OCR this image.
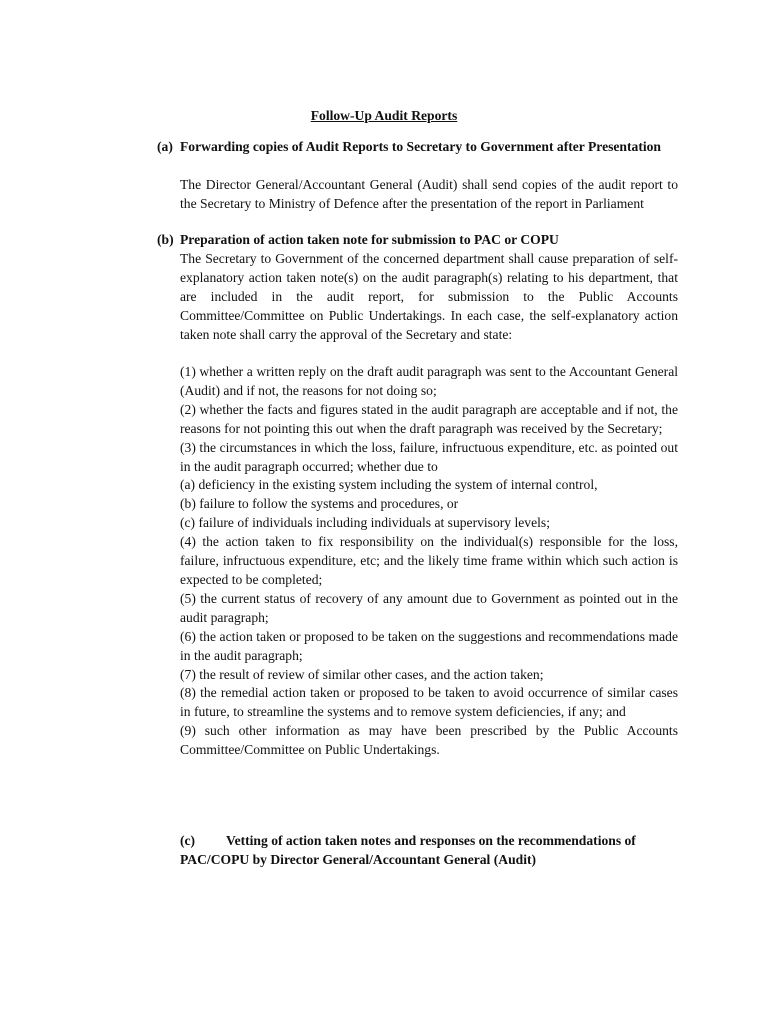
Follow-Up Audit Reports
(a) Forwarding copies of Audit Reports to Secretary to Government after Presentation

The Director General/Accountant General (Audit) shall send copies of the audit report to the Secretary to Ministry of Defence after the presentation of the report in Parliament

(b) Preparation of action taken note for submission to PAC or COPU

The Secretary to Government of the concerned department shall cause preparation of self-explanatory action taken note(s) on the audit paragraph(s) relating to his department, that are included in the audit report, for submission to the Public Accounts Committee/Committee on Public Undertakings. In each case, the self-explanatory action taken note shall carry the approval of the Secretary and state:

(1) whether a written reply on the draft audit paragraph was sent to the Accountant General (Audit) and if not, the reasons for not doing so;

(2) whether the facts and figures stated in the audit paragraph are acceptable and if not, the reasons for not pointing this out when the draft paragraph was received by the Secretary;

(3) the circumstances in which the loss, failure, infructuous expenditure, etc. as pointed out in the audit paragraph occurred; whether due to

(a) deficiency in the existing system including the system of internal control,

(b) failure to follow the systems and procedures, or

(c) failure of individuals including individuals at supervisory levels;

(4) the action taken to fix responsibility on the individual(s) responsible for the loss, failure, infructuous expenditure, etc; and the likely time frame within which such action is expected to be completed;

(5) the current status of recovery of any amount due to Government as pointed out in the audit paragraph;

(6) the action taken or proposed to be taken on the suggestions and recommendations made in the audit paragraph;

(7) the result of review of similar other cases, and the action taken;

(8) the remedial action taken or proposed to be taken to avoid occurrence of similar cases in future, to streamline the systems and to remove system deficiencies, if any; and

(9) such other information as may have been prescribed by the Public Accounts Committee/Committee on Public Undertakings.

(c) Vetting of action taken notes and responses on the recommendations of PAC/COPU by Director General/Accountant General (Audit)
